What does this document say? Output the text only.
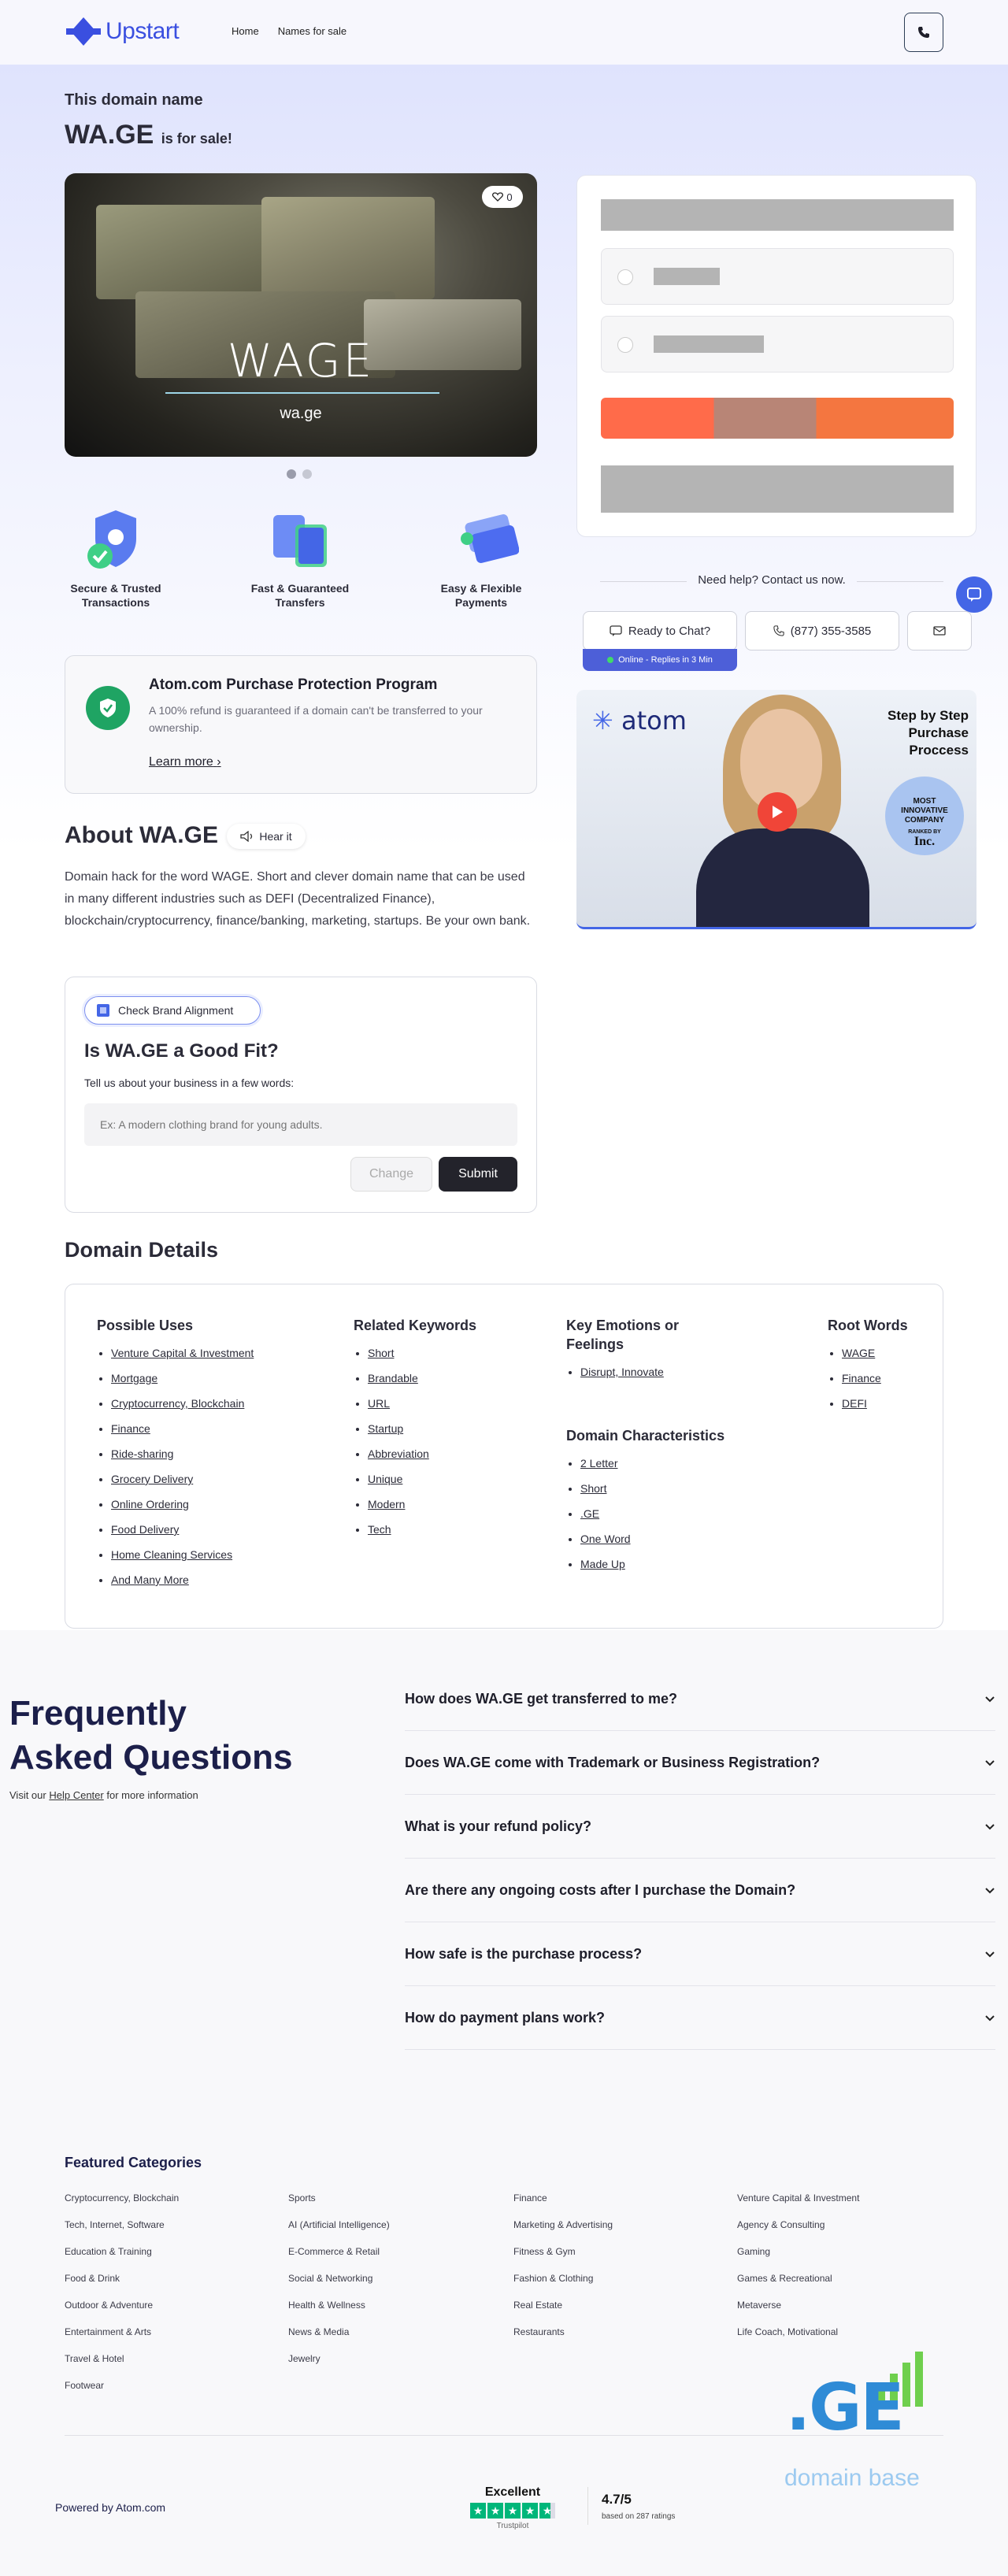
Upstart	Home Names for sale
This domain name
WA.GE is for sale!
0
WAGE
wa.ge
Secure & Trusted Transactions
Fast & Guaranteed Transfers
Easy & Flexible Payments
Atom.com Purchase Protection Program

A 100% refund is guaranteed if a domain can't be transferred to your ownership.

Learn more ›
About WA.GE	Hear it
Domain hack for the word WAGE. Short and clever domain name that can be used in many different industries such as DEFI (Decentralized Finance), blockchain/cryptocurrency, finance/banking, marketing, startups. Be your own bank.
Check Brand Alignment
Is WA.GE a Good Fit?
Tell us about your business in a few words:
Ex: A modern clothing brand for young adults.
Change	Submit
Need help? Contact us now.
Ready to Chat?
Online - Replies in 3 Min
(877) 355-3585
✳ atom	Step by Step Purchase Proccess
MOST
INNOVATIVE
COMPANY
RANKED BY
Inc.
Domain Details
Possible Uses
• Venture Capital & Investment
• Mortgage
• Cryptocurrency, Blockchain
• Finance
• Ride-sharing
• Grocery Delivery
• Online Ordering
• Food Delivery
• Home Cleaning Services
• And Many More
Related Keywords
• Short
• Brandable
• URL
• Startup
• Abbreviation
• Unique
• Modern
• Tech
Key Emotions or Feelings
• Disrupt, Innovate
Domain Characteristics
• 2 Letter
• Short
• .GE
• One Word
• Made Up
Root Words
• WAGE
• Finance
• DEFI
Frequently
Asked Questions
Visit our Help Center for more information
How does WA.GE get transferred to me?
Does WA.GE come with Trademark or Business Registration?
What is your refund policy?
Are there any ongoing costs after I purchase the Domain?
How safe is the purchase process?
How do payment plans work?
Featured Categories
Cryptocurrency, Blockchain
Tech, Internet, Software
Education & Training
Food & Drink
Outdoor & Adventure
Entertainment & Arts
Travel & Hotel
Footwear
Sports
AI (Artificial Intelligence)
E-Commerce & Retail
Social & Networking
Health & Wellness
News & Media
Jewelry
Finance
Marketing & Advertising
Fitness & Gym
Fashion & Clothing
Real Estate
Restaurants
Venture Capital & Investment
Agency & Consulting
Gaming
Games & Recreational
Metaverse
Life Coach, Motivational
.GE
domain base
Powered by Atom.com
Excellent
★ ★ ★ ★ ★
Trustpilot
4.7/5
based on 287 ratings
